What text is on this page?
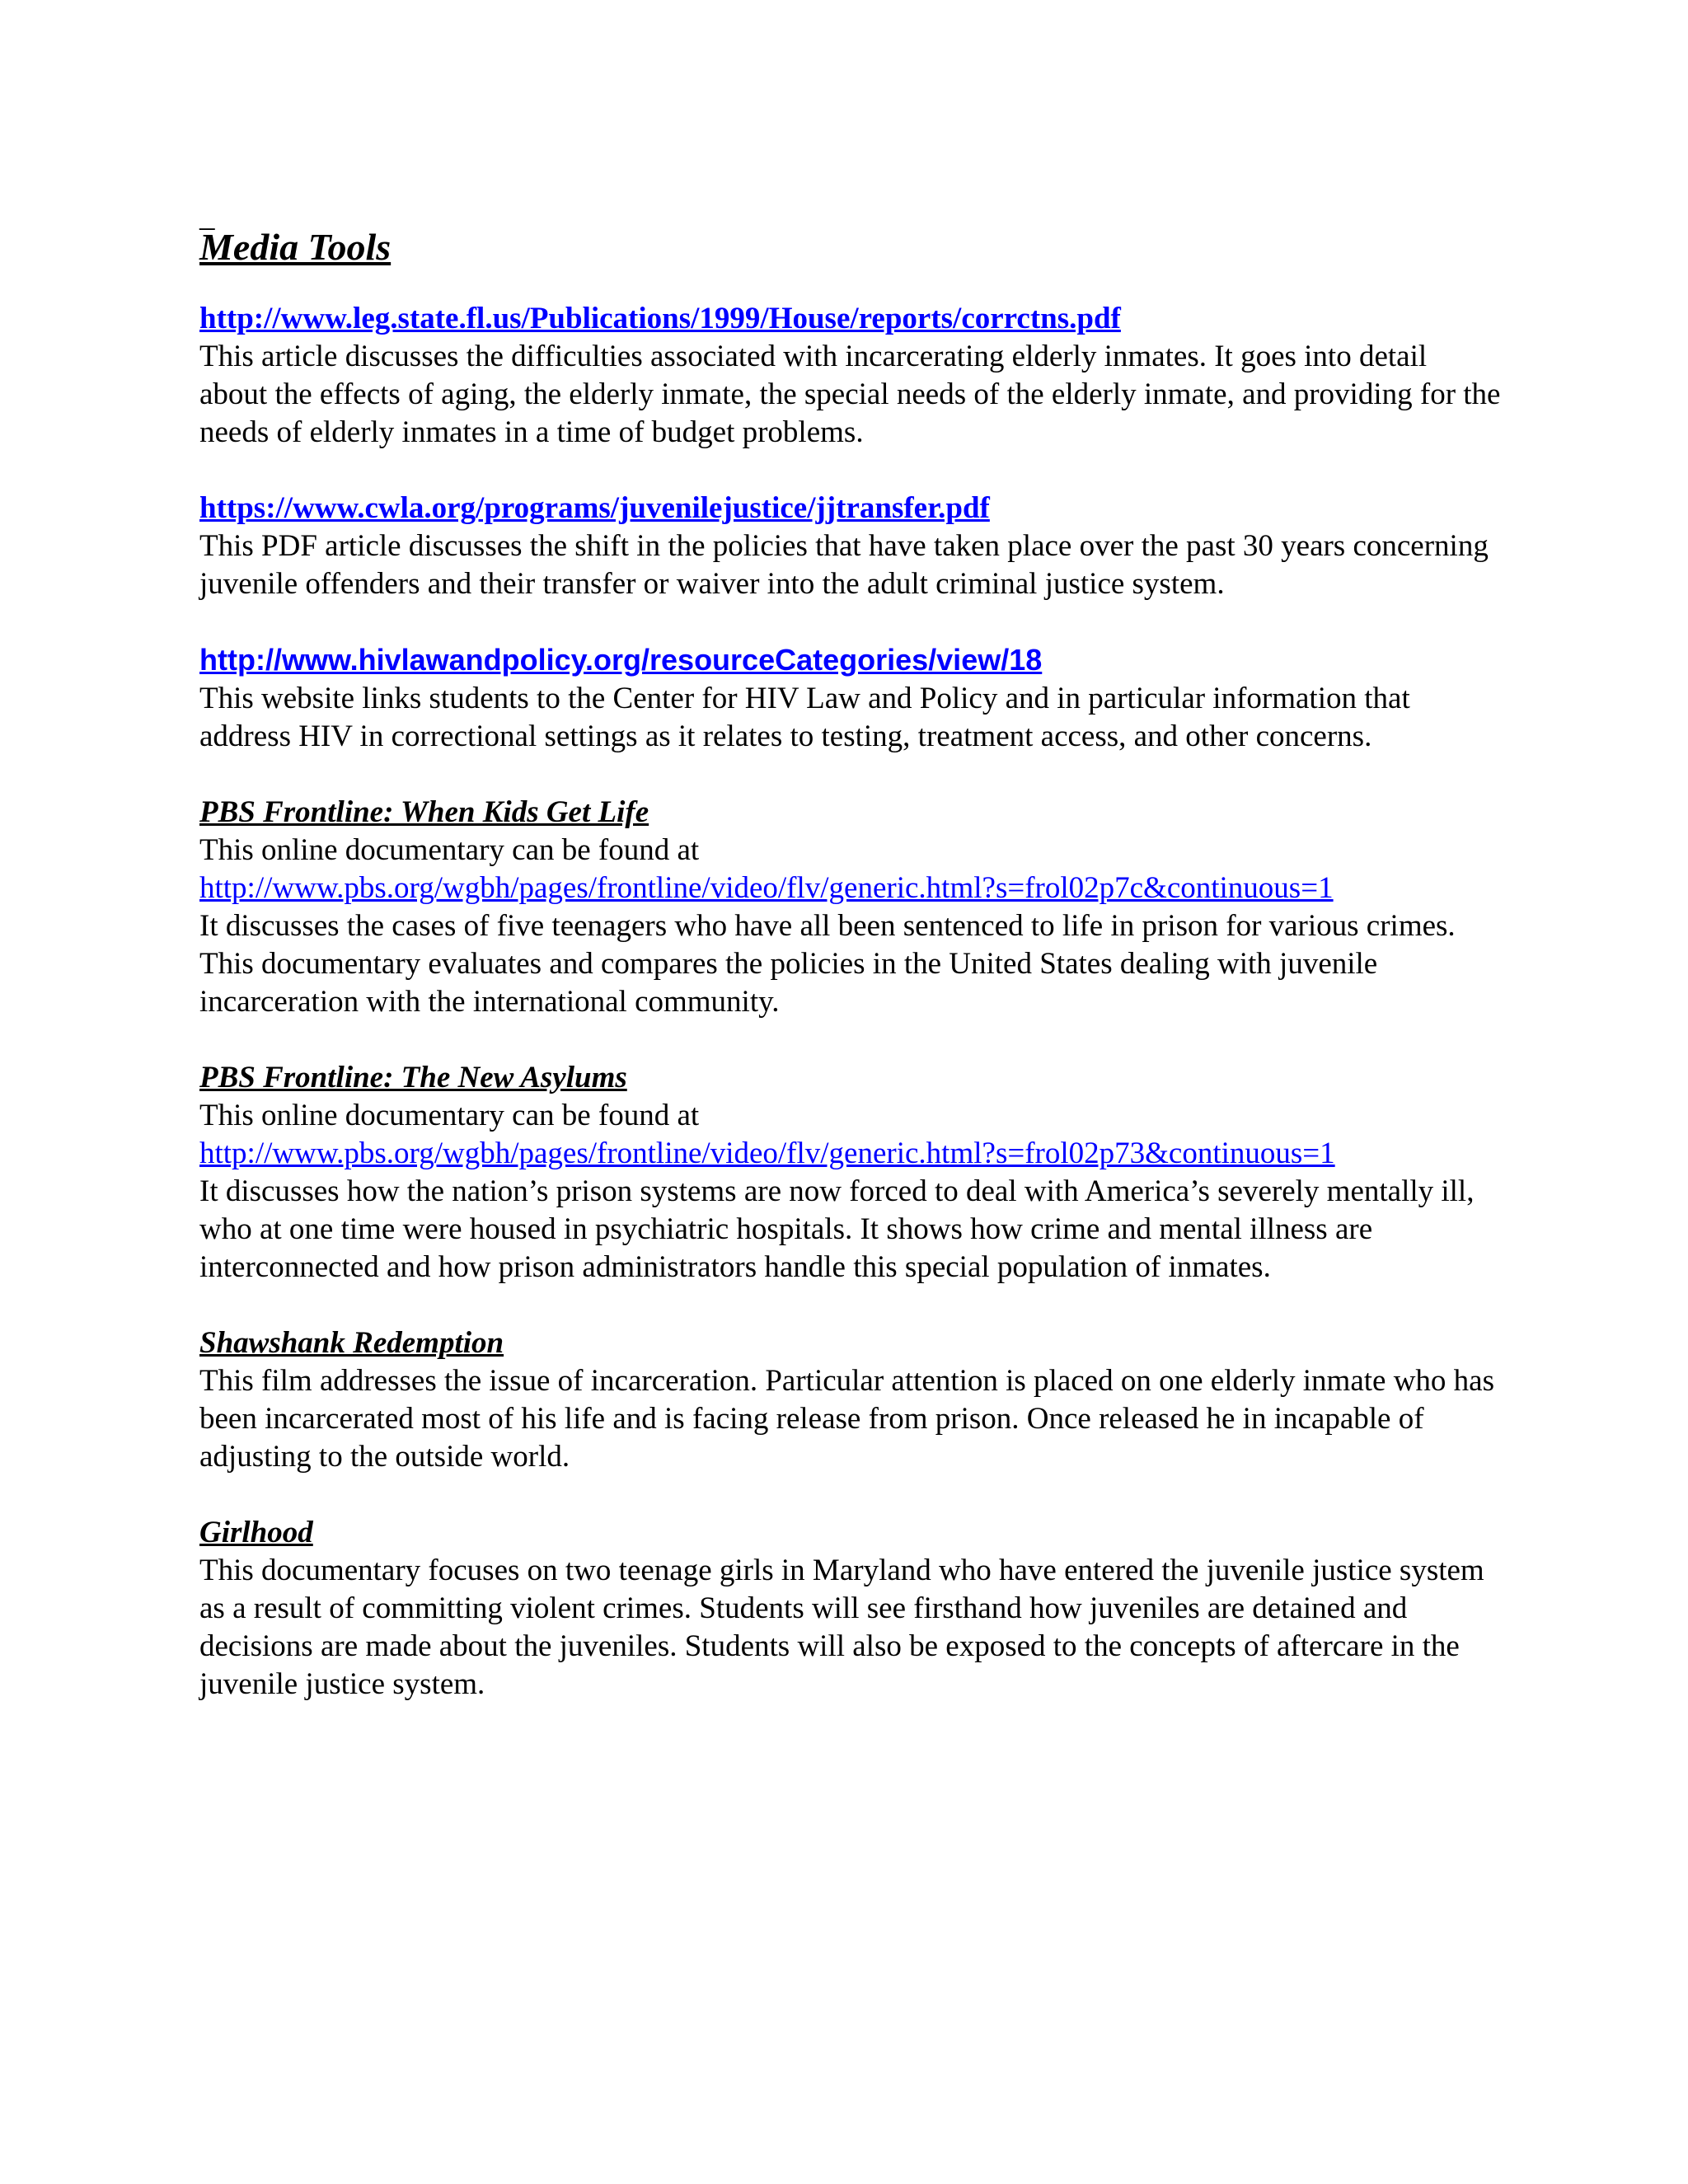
_
Media Tools
http://www.leg.state.fl.us/Publications/1999/House/reports/corrctns.pdf

This article discusses the difficulties associated with incarcerating elderly inmates. It goes into detail about the effects of aging, the elderly inmate, the special needs of the elderly inmate, and providing for the needs of elderly inmates in a time of budget problems.

https://www.cwla.org/programs/juvenilejustice/jjtransfer.pdf

This PDF article discusses the shift in the policies that have taken place over the past 30 years concerning juvenile offenders and their transfer or waiver into the adult criminal justice system.

http://www.hivlawandpolicy.org/resourceCategories/view/18

This website links students to the Center for HIV Law and Policy and in particular information that address HIV in correctional settings as it relates to testing, treatment access, and other concerns.

PBS Frontline: When Kids Get Life

This online documentary can be found at

http://www.pbs.org/wgbh/pages/frontline/video/flv/generic.html?s=frol02p7c&continuous=1

It discusses the cases of five teenagers who have all been sentenced to life in prison for various crimes. This documentary evaluates and compares the policies in the United States dealing with juvenile incarceration with the international community.

PBS Frontline: The New Asylums

This online documentary can be found at

http://www.pbs.org/wgbh/pages/frontline/video/flv/generic.html?s=frol02p73&continuous=1

It discusses how the nation’s prison systems are now forced to deal with America’s severely mentally ill, who at one time were housed in psychiatric hospitals. It shows how crime and mental illness are interconnected and how prison administrators handle this special population of inmates.

Shawshank Redemption

This film addresses the issue of incarceration. Particular attention is placed on one elderly inmate who has been incarcerated most of his life and is facing release from prison. Once released he in incapable of adjusting to the outside world.

Girlhood

This documentary focuses on two teenage girls in Maryland who have entered the juvenile justice system as a result of committing violent crimes. Students will see firsthand how juveniles are detained and decisions are made about the juveniles. Students will also be exposed to the concepts of aftercare in the juvenile justice system.
